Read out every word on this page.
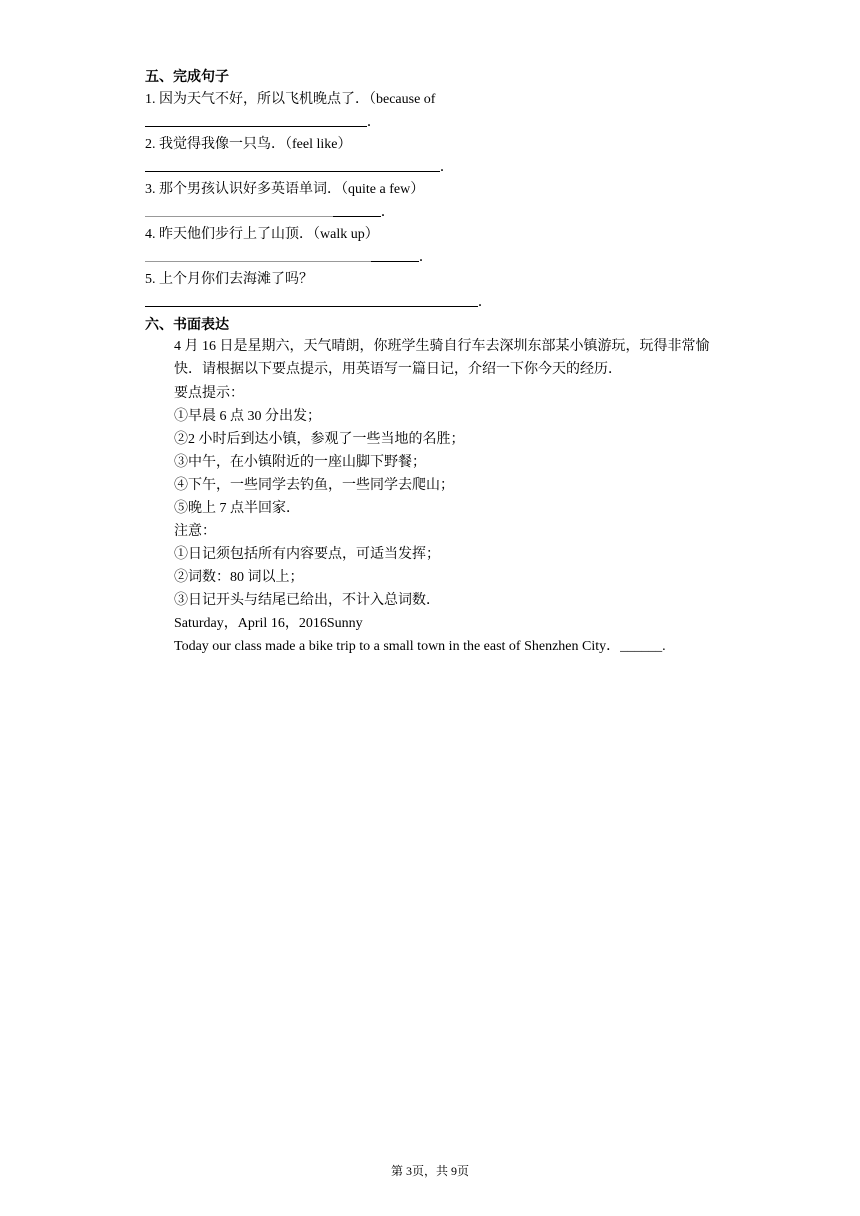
五、完成句子
1. 因为天气不好，所以飞机晚点了．（because of
.
2. 我觉得我像一只鸟．（feel like）
.
3. 那个男孩认识好多英语单词．（quite a few）
.
4. 昨天他们步行上了山顶．（walk up）
.
5. 上个月你们去海滩了吗？
.
六、书面表达
4 月 16 日是星期六，天气晴朗，你班学生骑自行车去深圳东部某小镇游玩，玩得非常愉快．请根据以下要点提示，用英语写一篇日记，介绍一下你今天的经历．
要点提示：
①早晨 6 点 30 分出发；
②2 小时后到达小镇，参观了一些当地的名胜；
③中午，在小镇附近的一座山脚下野餐；
④下午，一些同学去钓鱼，一些同学去爬山；
⑤晚上 7 点半回家．
注意：
①日记须包括所有内容要点，可适当发挥；
②词数：80 词以上；
③日记开头与结尾已给出，不计入总词数．
Saturday，April 16，2016Sunny
Today our class made a bike trip to a small town in the east of Shenzhen City．______.
第 3页，共 9页
